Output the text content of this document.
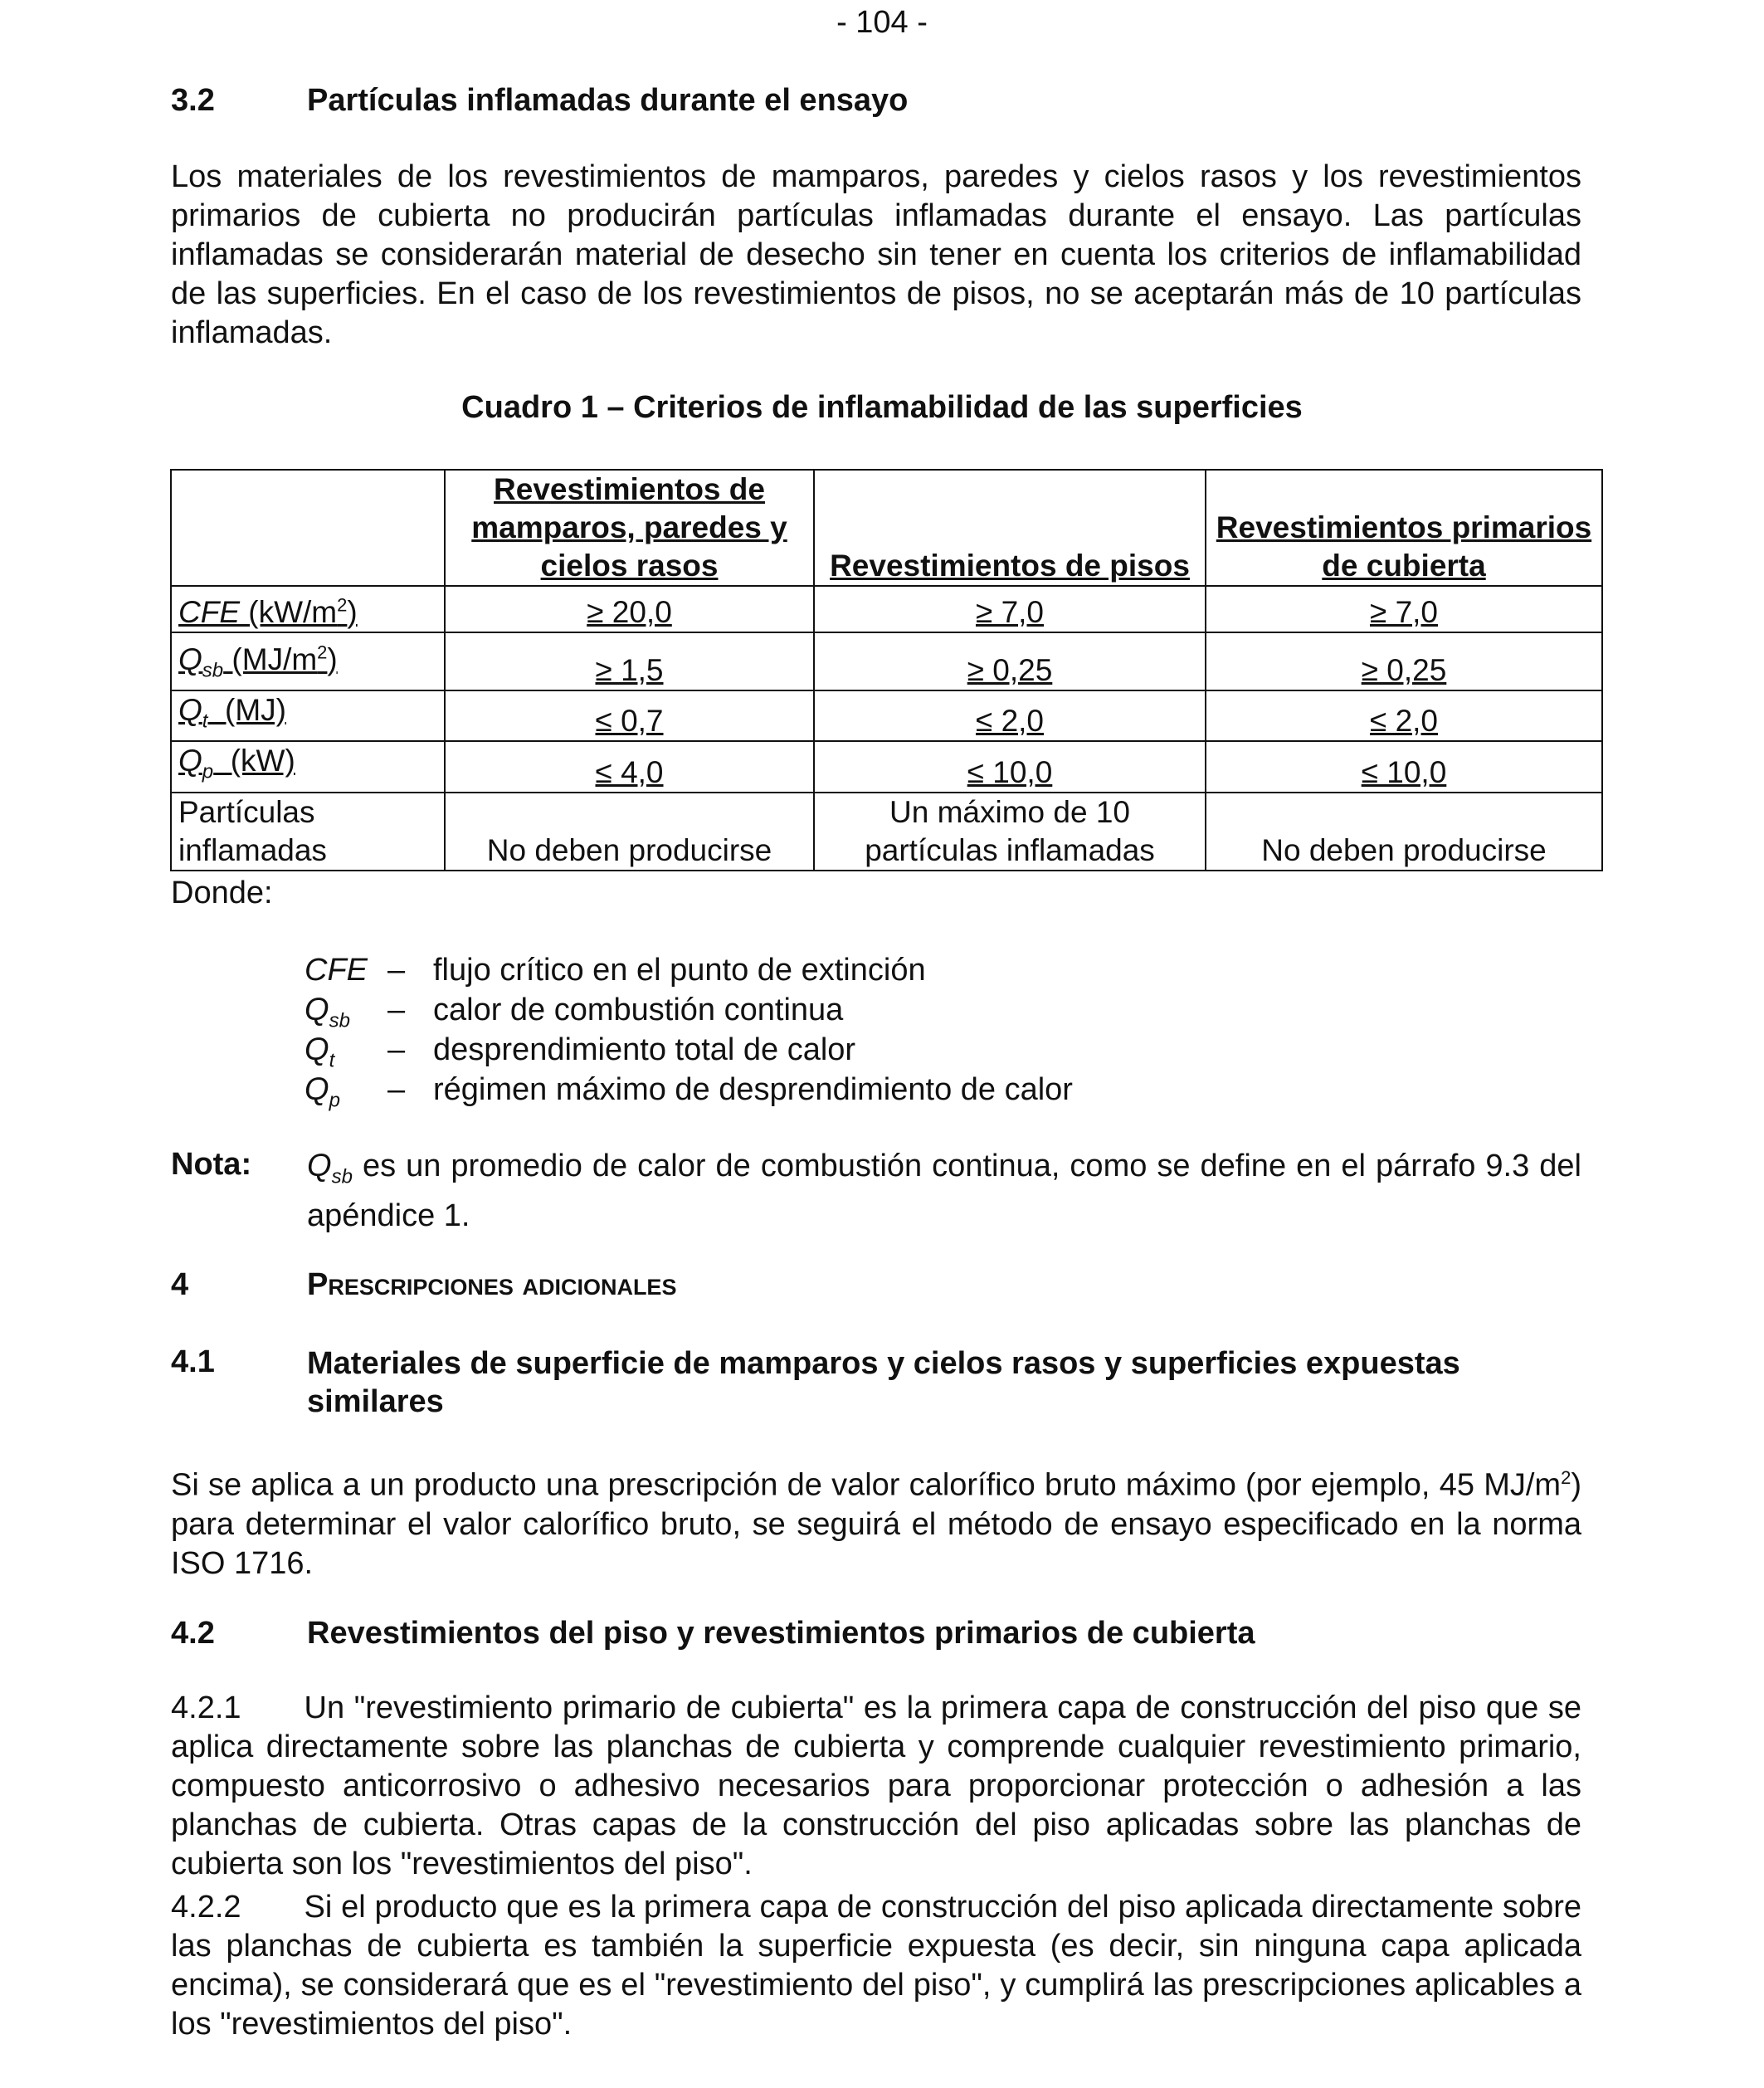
- 104 -
3.2	Partículas inflamadas durante el ensayo
Los materiales de los revestimientos de mamparos, paredes y cielos rasos y los revestimientos primarios de cubierta no producirán partículas inflamadas durante el ensayo. Las partículas inflamadas se considerarán material de desecho sin tener en cuenta los criterios de inflamabilidad de las superficies. En el caso de los revestimientos de pisos, no se aceptarán más de 10 partículas inflamadas.
Cuadro 1 – Criterios de inflamabilidad de las superficies
	Revestimientos de mamparos, paredes y cielos rasos	Revestimientos de pisos	Revestimientos primarios de cubierta
CFE $(kW/m^2)$	≥ 20,0	≥ 7,0	≥ 7,0
$Q_{sb}$ $(MJ/m^2)$	≥ 1,5	≥ 0,25	≥ 0,25
$Q_t$  (MJ)	≤ 0,7	≤ 2,0	≤ 2,0
$Q_p$  (kW)	≤ 4,0	≤ 10,0	≤ 10,0
Partículas inflamadas	No deben producirse	Un máximo de 10 partículas inflamadas	No deben producirse
Donde:
CFE – flujo crítico en el punto de extinción
$Q_{sb}$ – calor de combustión continua
$Q_t$ – desprendimiento total de calor
$Q_p$ – régimen máximo de desprendimiento de calor
Nota: $Q_{sb}$ es un promedio de calor de combustión continua, como se define en el párrafo 9.3 del apéndice 1.
4	Prescripciones adicionales
4.1	Materiales de superficie de mamparos y cielos rasos y superficies expuestas similares
Si se aplica a un producto una prescripción de valor calorífico bruto máximo (por ejemplo, 45 $MJ/m^2$) para determinar el valor calorífico bruto, se seguirá el método de ensayo especificado en la norma ISO 1716.
4.2	Revestimientos del piso y revestimientos primarios de cubierta
4.2.1  Un "revestimiento primario de cubierta" es la primera capa de construcción del piso que se aplica directamente sobre las planchas de cubierta y comprende cualquier revestimiento primario, compuesto anticorrosivo o adhesivo necesarios para proporcionar protección o adhesión a las planchas de cubierta. Otras capas de la construcción del piso aplicadas sobre las planchas de cubierta son los "revestimientos del piso".
4.2.2  Si el producto que es la primera capa de construcción del piso aplicada directamente sobre las planchas de cubierta es también la superficie expuesta (es decir, sin ninguna capa aplicada encima), se considerará que es el "revestimiento del piso", y cumplirá las prescripciones aplicables a los "revestimientos del piso".
